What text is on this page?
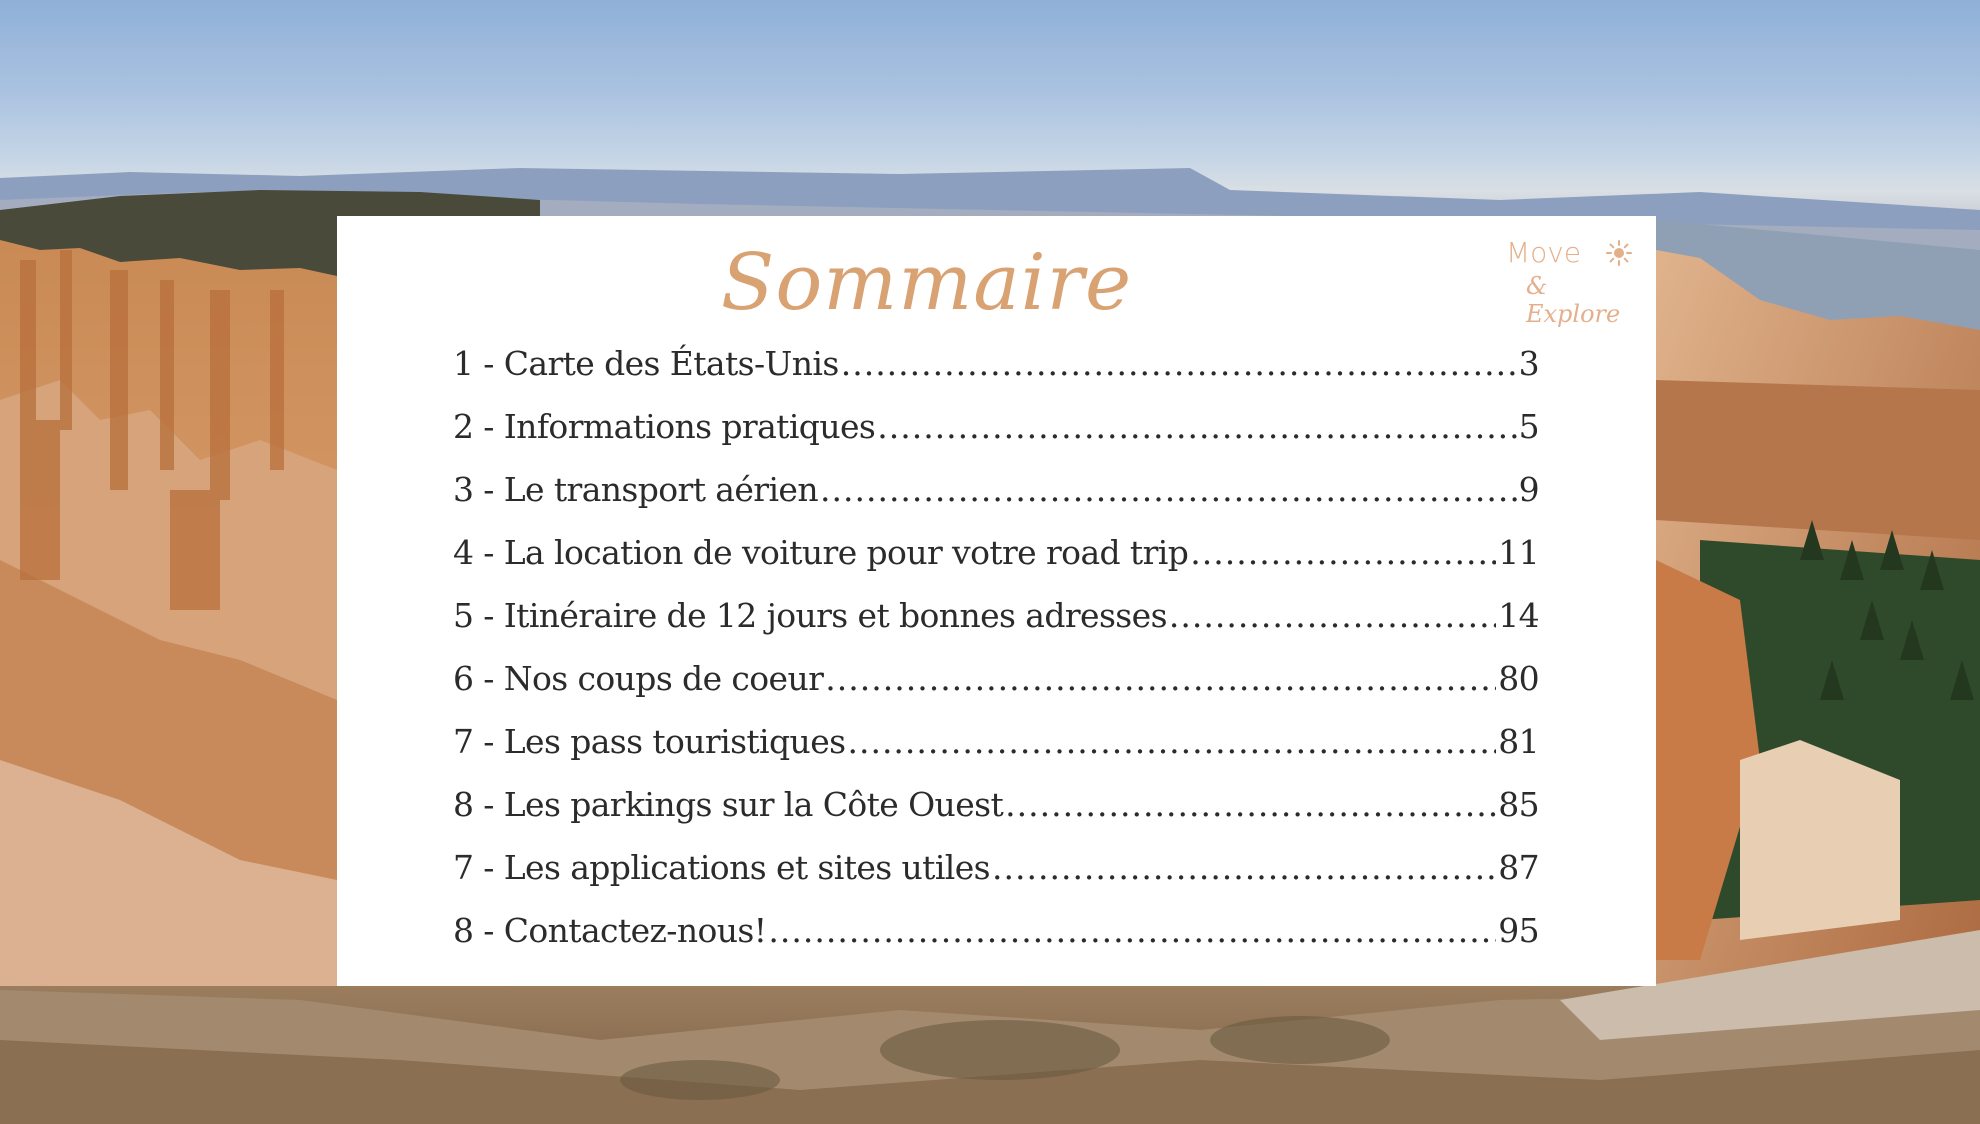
Sommaire	Move
& Explore
1 - Carte des États-Unis .....	3
2 - Informations pratiques .....	5
3 - Le transport aérien .....	9
4 - La location de voiture pour votre road trip .....	11
5 - Itinéraire de 12 jours et bonnes adresses .....	14
6 - Nos coups de coeur .....	80
7 - Les pass touristiques .....	81
8 - Les parkings sur la Côte Ouest .....	85
7 - Les applications et sites utiles .....	87
8 - Contactez-nous! .....	95
